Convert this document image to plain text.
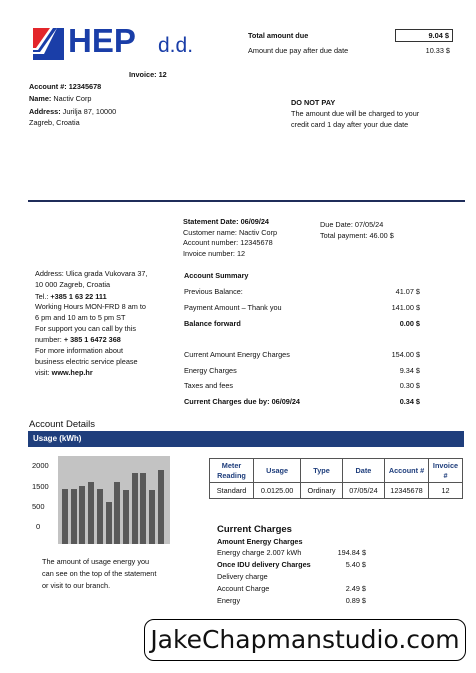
HEP d.d.
Invoice: 12
Account #: 12345678
Name: Nactiv Corp
Address: Jurilja 87, 10000
Zagreb, Croatia
Total amount due	9.04 $
Amount due pay after due date	10.33 $
DO NOT PAY
The amount due will be charged to your
credit card 1 day after your due date
Statement Date: 06/09/24
Customer name: Nactiv Corp
Account number: 12345678
Invoice number: 12
Due Date: 07/05/24
Total payment: 46.00 $
Address: Ulica grada Vukovara 37,
10 000 Zagreb, Croatia
Tel.: +385 1 63 22 111
Working Hours MON-FRD 8 am to
6 pm and 10 am to 5 pm ST
For support you can call by this
number: + 385 1 6472 368
For more information about
business electric service please
visit: www.hep.hr
Account Summary
Previous Balance:	41.07 $
Payment Amount – Thank you	141.00 $
Balance forward	0.00 $
Current Amount Energy Charges	154.00 $
Energy Charges	9.34 $
Taxes and fees	0.30 $
Current Charges due by: 06/09/24	0.34 $
Account Details
Usage (kWh)
2000
1500
500
0
The amount of usage energy you
can see on the top of the statement
or visit to our branch.
Meter Reading	Usage	Type	Date	Account #	Invoice #
Standard	0.0125.00	Ordinary	07/05/24	12345678	12
Current Charges
Amount Energy Charges
Energy charge 2.007 kWh	194.84 $
Once IDU delivery Charges	5.40 $
Delivery charge
Account Charge	2.49 $
Energy	0.89 $
JakeChapmanstudio.com
